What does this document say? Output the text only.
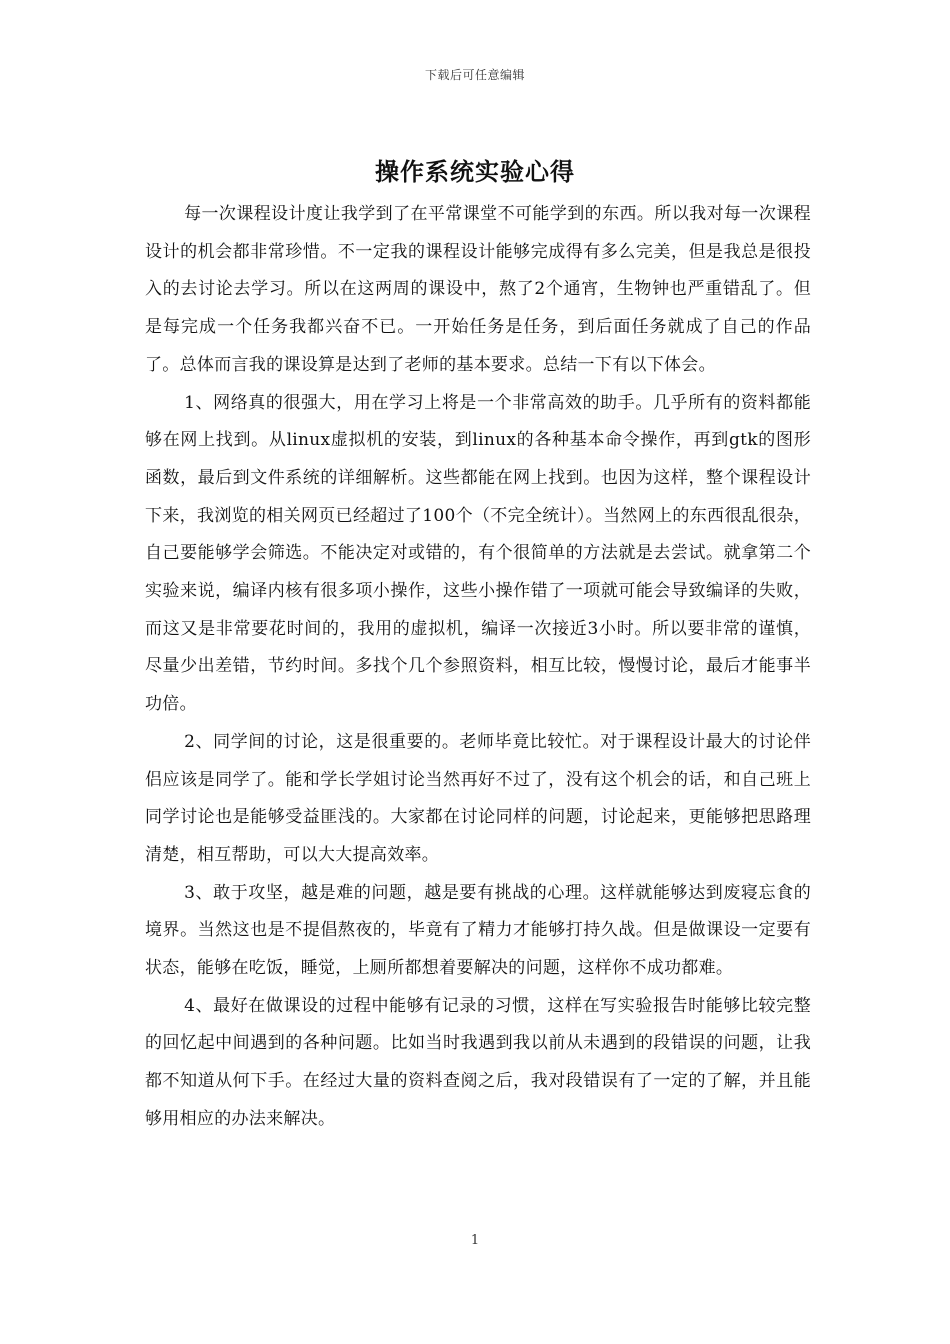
下载后可任意编辑
操作系统实验心得

每一次课程设计度让我学到了在平常课堂不可能学到的东西。所以我对每一次课程设计的机会都非常珍惜。不一定我的课程设计能够完成得有多么完美，但是我总是很投入的去讨论去学习。所以在这两周的课设中，熬了2个通宵，生物钟也严重错乱了。但是每完成一个任务我都兴奋不已。一开始任务是任务，到后面任务就成了自己的作品了。总体而言我的课设算是达到了老师的基本要求。总结一下有以下体会。

1、网络真的很强大，用在学习上将是一个非常高效的助手。几乎所有的资料都能够在网上找到。从linux虚拟机的安装，到linux的各种基本命令操作，再到gtk的图形函数，最后到文件系统的详细解析。这些都能在网上找到。也因为这样，整个课程设计下来，我浏览的相关网页已经超过了100个（不完全统计）。当然网上的东西很乱很杂，自己要能够学会筛选。不能决定对或错的，有个很简单的方法就是去尝试。就拿第二个实验来说，编译内核有很多项小操作，这些小操作错了一项就可能会导致编译的失败，而这又是非常要花时间的，我用的虚拟机，编译一次接近3小时。所以要非常的谨慎，尽量少出差错，节约时间。多找个几个参照资料，相互比较，慢慢讨论，最后才能事半功倍。

2、同学间的讨论，这是很重要的。老师毕竟比较忙。对于课程设计最大的讨论伴侣应该是同学了。能和学长学姐讨论当然再好不过了，没有这个机会的话，和自己班上同学讨论也是能够受益匪浅的。大家都在讨论同样的问题，讨论起来，更能够把思路理清楚，相互帮助，可以大大提高效率。

3、敢于攻坚，越是难的问题，越是要有挑战的心理。这样就能够达到废寝忘食的境界。当然这也是不提倡熬夜的，毕竟有了精力才能够打持久战。但是做课设一定要有状态，能够在吃饭，睡觉，上厕所都想着要解决的问题，这样你不成功都难。

4、最好在做课设的过程中能够有记录的习惯，这样在写实验报告时能够比较完整的回忆起中间遇到的各种问题。比如当时我遇到我以前从未遇到的段错误的问题，让我都不知道从何下手。在经过大量的资料查阅之后，我对段错误有了一定的了解，并且能够用相应的办法来解决。

1
